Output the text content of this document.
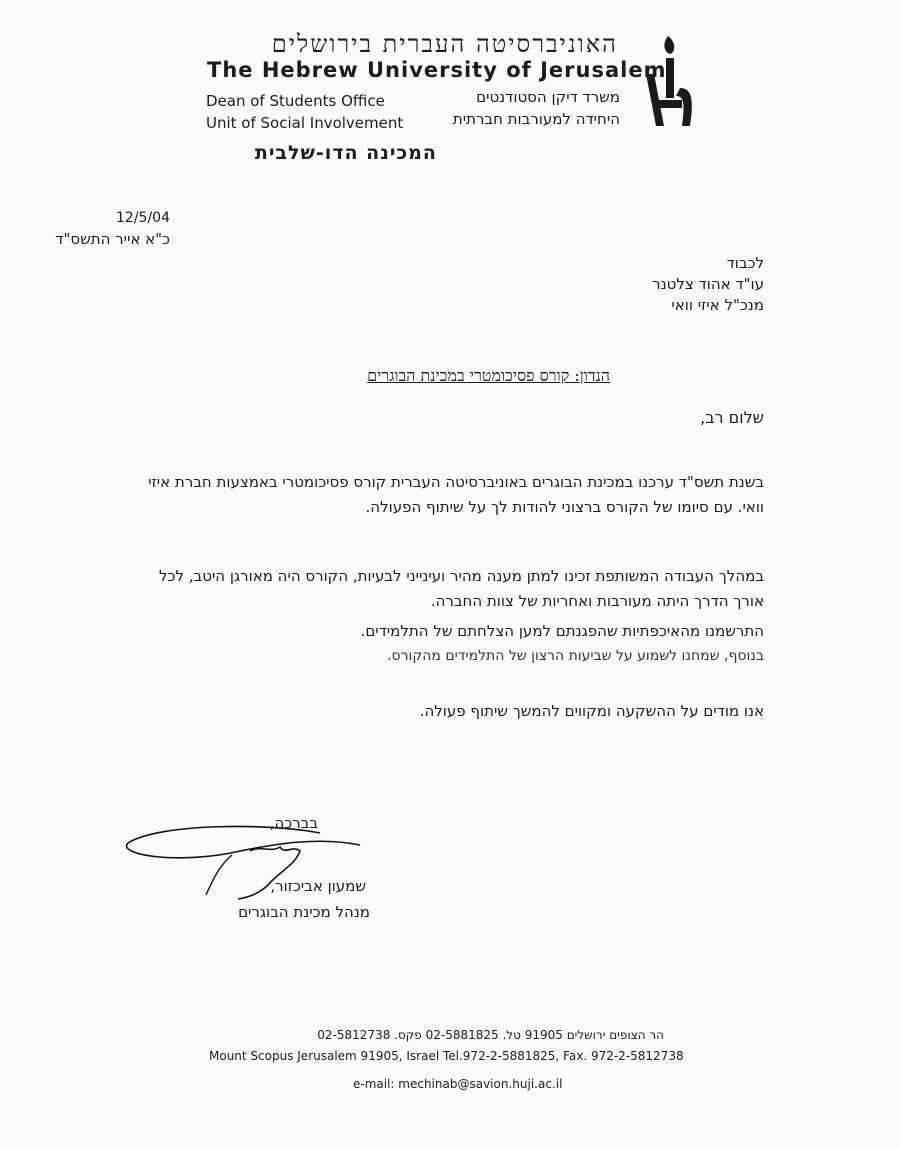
האוניברסיטה העברית בירושלים
The Hebrew University of Jerusalem
Dean of Students Office
Unit of Social Involvement
משרד דיקן הסטודנטים
היחידה למעורבות חברתית
המכינה הדו-שלבית
12/5/04
כ"א אייר התשס"ד
לכבוד
עו"ד אהוד צלטנר
מנכ"ל איזי וואי
הנדון: קורס פסיכומטרי במכינת הבוגרים
שלום רב,
בשנת תשס"ד ערכנו במכינת הבוגרים באוניברסיטה העברית קורס פסיכומטרי באמצעות חברת איזי וואי. עם סיומו של הקורס ברצוני להודות לך על שיתוף הפעולה.
במהלך העבודה המשותפת זכינו למתן מענה מהיר ועינייני לבעיות, הקורס היה מאורגן היטב, לכל אורך הדרך היתה מעורבות ואחריות של צוות החברה.
התרשמנו מהאיכפתיות שהפגנתם למען הצלחתם של התלמידים.
בנוסף, שמחנו לשמוע על שביעות הרצון של התלמידים מהקורס.
אנו מודים על ההשקעה ומקווים להמשך שיתוף פעולה.
בברכה,
שמעון אביכזור,
מנהל מכינת הבוגרים
הר הצופים ירושלים 91905 טל. 02-5881825 פקס. 02-5812738
Mount Scopus Jerusalem 91905, Israel Tel.972-2-5881825, Fax. 972-2-5812738
e-mail: mechinab@savion.huji.ac.il
